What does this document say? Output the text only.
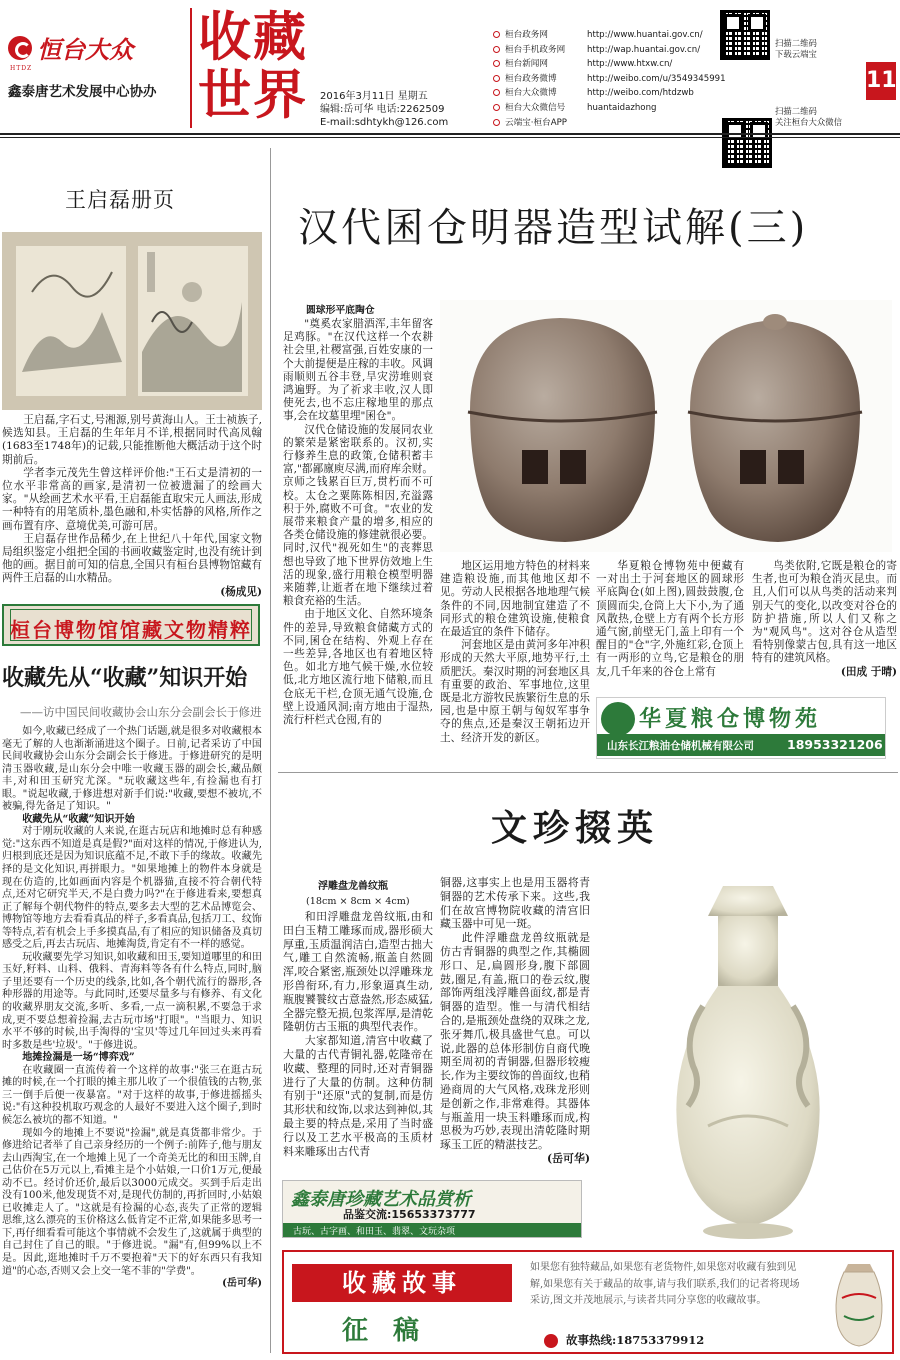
恒台大众
HTDZ
鑫泰唐艺术发展中心协办
收藏
世界 2016年3月11日 星期五
编辑:岳可华 电话:2262509
E-mail:sdhtykh@126.com
桓台政务网	http://www.huantai.gov.cn/
桓台手机政务网	http://wap.huantai.gov.cn/
桓台新闻网	http://www.htxw.cn/
桓台政务微博	http://weibo.com/u/3549345991
桓台大众微博	http://weibo.com/htdzwb
桓台大众微信号	huantaidazhong
云端宝·桓台APP
扫描二维码
下载云端宝
扫描二维码
关注桓台大众微信
11
王启磊册页

王启磊,字石丈,号湘源,别号黄海山人。王士祯族子,候选知县。王启磊的生年年月不详,根据同时代高凤翰(1683至1748年)的记载,只能推断他大概活动于这个时期前后。

学者李元茂先生曾这样评价他:"王石丈是清初的一位水平非常高的画家,是清初一位被遗漏了的绘画大家。"从绘画艺术水平看,王启磊能直取宋元人画法,形成一种特有的用笔质朴,墨色融和,朴实恬静的风格,所作之画布置有序、意境优美,可游可居。

王启磊存世作品稀少,在上世纪八十年代,国家文物局组织鉴定小组把全国的书画收藏鉴定时,也没有统计到他的画。据目前可知的信息,全国只有桓台县博物馆藏有两件王启磊的山水精品。

(杨成见)
桓台博物馆馆藏文物精粹
收藏先从“收藏”知识开始
——访中国民间收藏协会山东分会副会长于修进

如今,收藏已经成了一个热门话题,就是很多对收藏根本毫无了解的人也渐渐涌进这个圈子。日前,记者采访了中国民间收藏协会山东分会副会长于修进。于修进研究的是明清玉器收藏,是山东分会中唯一收藏玉器的副会长,藏品颇丰,对和田玉研究尤深。"玩收藏这些年,有捡漏也有打眼。"说起收藏,于修进想对新手们说:"收藏,要想不被坑,不被骗,得先备足了知识。"

收藏先从“收藏”知识开始

对于刚玩收藏的人来说,在逛古玩店和地摊时总有种感觉:"这东西不知道是真是假?"面对这样的情况,于修进认为,归根到底还是因为知识底蕴不足,不敢下手的缘故。收藏先择的是文化知识,再拼眼力。"如果地摊上的物件本身就是现在仿造的,比如画面内容是个机器猫,直接不符合朝代特点,还对它研究半天,不是白费力吗?"在于修进看来,要想真正了解每个朝代物件的特点,要多去大型的艺术品博览会、博物馆等地方去看看真品的样子,多看真品,包括刀工、纹饰等特点,若有机会上手多摸真品,有了相应的知识储备及真切感受之后,再去古玩店、地摊淘货,肯定有不一样的感觉。

玩收藏要先学习知识,如收藏和田玉,要知道哪里的和田玉好,籽料、山料、俄料、青海料等各有什么特点,同时,脑子里还要有一个历史的线条,比如,各个朝代流行的器形,各种形器的用途等。与此同时,还要尽量多与有修养、有文化的收藏界朋友交流,多听、多看,一点一滴积累,不要急于求成,更不要总想着捡漏,去古玩市场"打眼"。"当眼力、知识水平不够的时候,出手淘得的'宝贝'等过几年回过头来再看时多数是些'垃圾'。"于修进说。

地摊捡漏是一场“博弈戏”

在收藏圈一直流传着一个这样的故事:"张三在逛古玩摊的时候,在一个打眼的摊主那儿收了一个很值钱的古物,张三一倒手后便一夜暴富。"对于这样的故事,于修进摇摇头说:"有这种投机取巧观念的人最好不要进入这个圈子,到时候怎么被坑的都不知道。"

现如今的地摊上不要说"捡漏",就是真货都非常少。于修进给记者举了自己亲身经历的一个例子:前阵子,他与朋友去山西淘宝,在一个地摊上见了一个奇美无比的和田玉牌,自己估价在5万元以上,看摊主是个小姑娘,一口价1万元,便最动不已。经讨价还价,最后以3000元成交。买到手后走出没有100米,他发现货不对,是现代仿制的,再折回时,小姑娘已收摊走人了。"这就是有捡漏的心态,丧失了正常的逻辑思维,这么漂亮的玉价格这么低肯定不正常,如果能多思考一下,再仔细看看可能这个事情就不会发生了,这就属于典型的自己封住了自己的眼。"于修进说。"漏"有,但99%以上不是。因此,逛地摊时千万不要抱着"天下的好东西只有我知道"的心态,否则又会上交一笔不菲的"学费"。

(岳可华)
汉代囷仓明器造型试解(三)
圆球形平底陶仓

"奠奚农家腊酒浑,丰年留客足鸡豚。"在汉代这样一个农耕社会里,社稷富强,百姓安康的一个大前提便是庄稼的丰收。风调雨顺则五谷丰登,旱灾涝堆则衰鸿遍野。为了祈求丰收,汉人即使死去,也不忘庄稼地里的那点事,会在坟墓里埋"囷仓"。

汉代仓储设施的发展同农业的繁荣是紧密联系的。汉初,实行修养生息的政策,仓储积蓄丰富,"都鄙廪庾尽满,而府库余财。京师之钱累百巨万,贯朽而不可校。太仓之粟陈陈相因,充溢露积于外,腐败不可食。"农业的发展带来粮食产量的增多,相应的各类仓储设施的修建就很必要。同时,汉代"视死如生"的丧葬思想也导致了地下世界仿效地上生活的现象,盛行用粮仓模型明器来随葬,让逝者在地下继续过着粮食充裕的生活。

由于地区文化、自然环境条件的差异,导致粮食储藏方式的不同,囷仓在结构、外观上存在一些差异,各地区也有着地区特色。如北方地气候干燥,水位较低,北方地区流行地下储粮,而且仓底无干栏,仓顶无通气设施,仓壁上设通风洞;南方地由于湿热,流行杆栏式仓囤,有的

地区运用地方特色的材料来建造粮设施,而其他地区却不见。劳动人民根据各地地理气候条件的不同,因地制宜建造了不同形式的粮仓建筑设施,使粮食在最适宜的条件下储存。

河套地区是由黄河多年冲积形成的天然大平原,地势平行,土质肥沃。秦汉时期的河套地区具有重要的政治、军事地位,这里既是北方游牧民族繁衍生息的乐园,也是中原王朝与匈奴军事争夺的焦点,还是秦汉王朝拓边开土、经济开发的新区。

华夏粮仓博物苑中便藏有一对出土于河套地区的圆球形平底陶仓(如上图),圆鼓鼓腹,仓顶圆而尖,仓筒上大下小,为了通风散热,仓壁上方有两个长方形通气窗,前壁无门,盖上印有一个醒目的"仓"字,外施红彩,仓顶上有一两形的立鸟,它是粮仓的朋友,几千年来的谷仓上常有

鸟类依附,它既是粮仓的寄生者,也可为粮仓消灭昆虫。而且,人们可以从鸟类的活动来判别天气的变化,以改变对谷仓的防护措施,所以人们又称之为"观风鸟"。这对谷仓从造型看特别像蒙古包,具有这一地区特有的建筑风格。

(田成 于晴)
华夏粮仓博物苑
山东长江粮油仓储机械有限公司	18953321206
文珍掇英
浮雕盘龙兽纹瓶
(18cm × 8cm × 4cm)

和田浮雕盘龙兽纹瓶,由和田白玉精工雕琢而成,器形硕大厚重,玉质温润洁白,造型古拙大气,雕工自然流畅,瓶盖自然圆浑,咬合紧密,瓶颈处以浮雕珠龙形兽衔环,有力,形象逼真生动,瓶腹饕餮纹古意盎然,形态威猛,全器完整无损,包浆浑厚,是清乾隆朝仿古玉瓶的典型代表作。

大家都知道,清宫中收藏了大量的古代青铜礼器,乾隆帝在收藏、整理的同时,还对青铜器进行了大量的仿制。这种仿制有别于"还原"式的复制,而是仿其形状和纹饰,以求达到神似,其最主要的特点是,采用了当时盛行以及工艺水平极高的玉质材料来雕琢出古代青

铜器,这事实上也是用玉器将青铜器的艺术传承下来。这些,我们在故宫博物院收藏的清宫旧藏玉器中可见一斑。

此件浮雕盘龙兽纹瓶就是仿古青铜器的典型之作,其椭圆形口、足,扁圆形身,腹下部圆鼓,圈足,有盖,瓶口的卷云纹,腹部饰两组浅浮雕兽面纹,都是青铜器的造型。惟一与清代相结合的,是瓶颈处盘绕的双珠之龙,张牙舞爪,极具盛世气息。可以说,此器的总体形制仿自商代晚期至周初的青铜器,但器形较瘦长,作为主要纹饰的兽面纹,也稍逊商周的大气风格,戏珠龙形则是创新之作,非常难得。其器体与瓶盖用一块玉料雕琢而成,构思极为巧妙,表现出清乾隆时期琢玉工匠的精湛技艺。

(岳可华)
鑫泰唐珍藏艺术品赏析
品鉴交流:15653373777
古玩、古字画、和田玉、翡翠、文玩杂项
收藏故事
征 稿
如果您有独特藏品,如果您有老货物件,如果您对收藏有独到见解,如果您有关于藏品的故事,请与我们联系,我们的记者将现场采访,图文并茂地展示,与读者共同分享您的收藏故事。
故事热线:18753379912
